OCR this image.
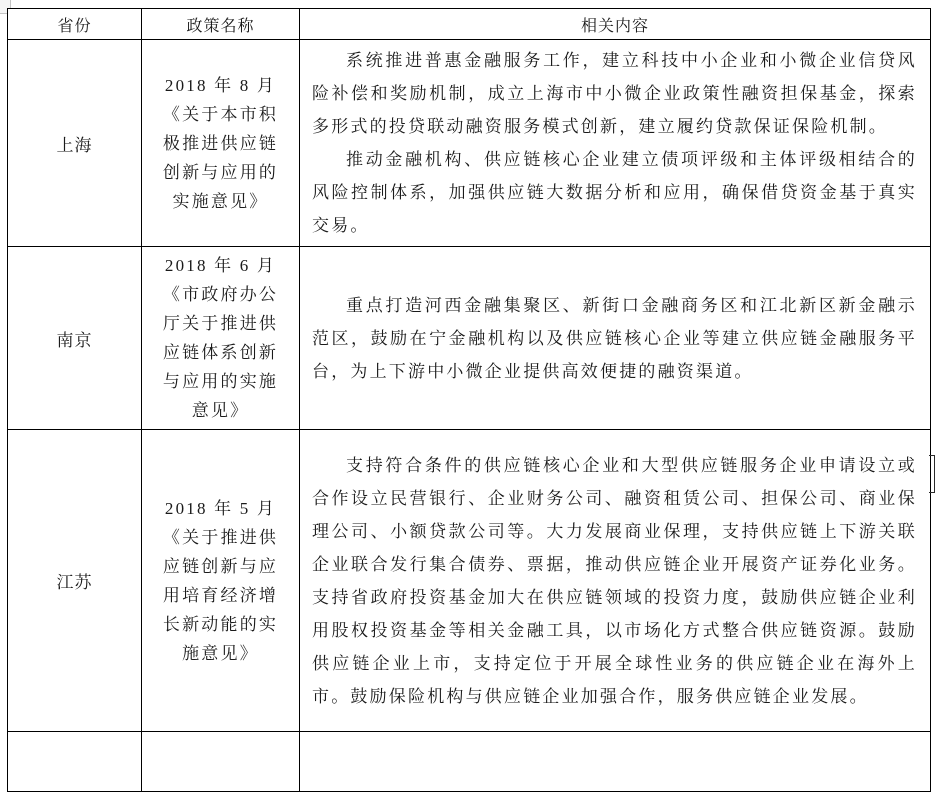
省份	政策名称	相关内容
上海	2018 年 8 月《关于本市积极推进供应链创新与应用的实施意见》	系统推进普惠金融服务工作，建立科技中小企业和小微企业信贷风险补偿和奖励机制，成立上海市中小微企业政策性融资担保基金，探索多形式的投贷联动融资服务模式创新，建立履约贷款保证保险机制。

推动金融机构、供应链核心企业建立债项评级和主体评级相结合的风险控制体系，加强供应链大数据分析和应用，确保借贷资金基于真实交易。

南京	2018 年 6 月《市政府办公厅关于推进供应链体系创新与应用的实施意见》	重点打造河西金融集聚区、新街口金融商务区和江北新区新金融示范区，鼓励在宁金融机构以及供应链核心企业等建立供应链金融服务平台，为上下游中小微企业提供高效便捷的融资渠道。

江苏	2018 年 5 月《关于推进供应链创新与应用培育经济增长新动能的实施意见》	支持符合条件的供应链核心企业和大型供应链服务企业申请设立或合作设立民营银行、企业财务公司、融资租赁公司、担保公司、商业保理公司、小额贷款公司等。大力发展商业保理，支持供应链上下游关联企业联合发行集合债券、票据，推动供应链企业开展资产证券化业务。支持省政府投资基金加大在供应链领域的投资力度，鼓励供应链企业利用股权投资基金等相关金融工具，以市场化方式整合供应链资源。鼓励供应链企业上市，支持定位于开展全球性业务的供应链企业在海外上市。鼓励保险机构与供应链企业加强合作，服务供应链企业发展。
